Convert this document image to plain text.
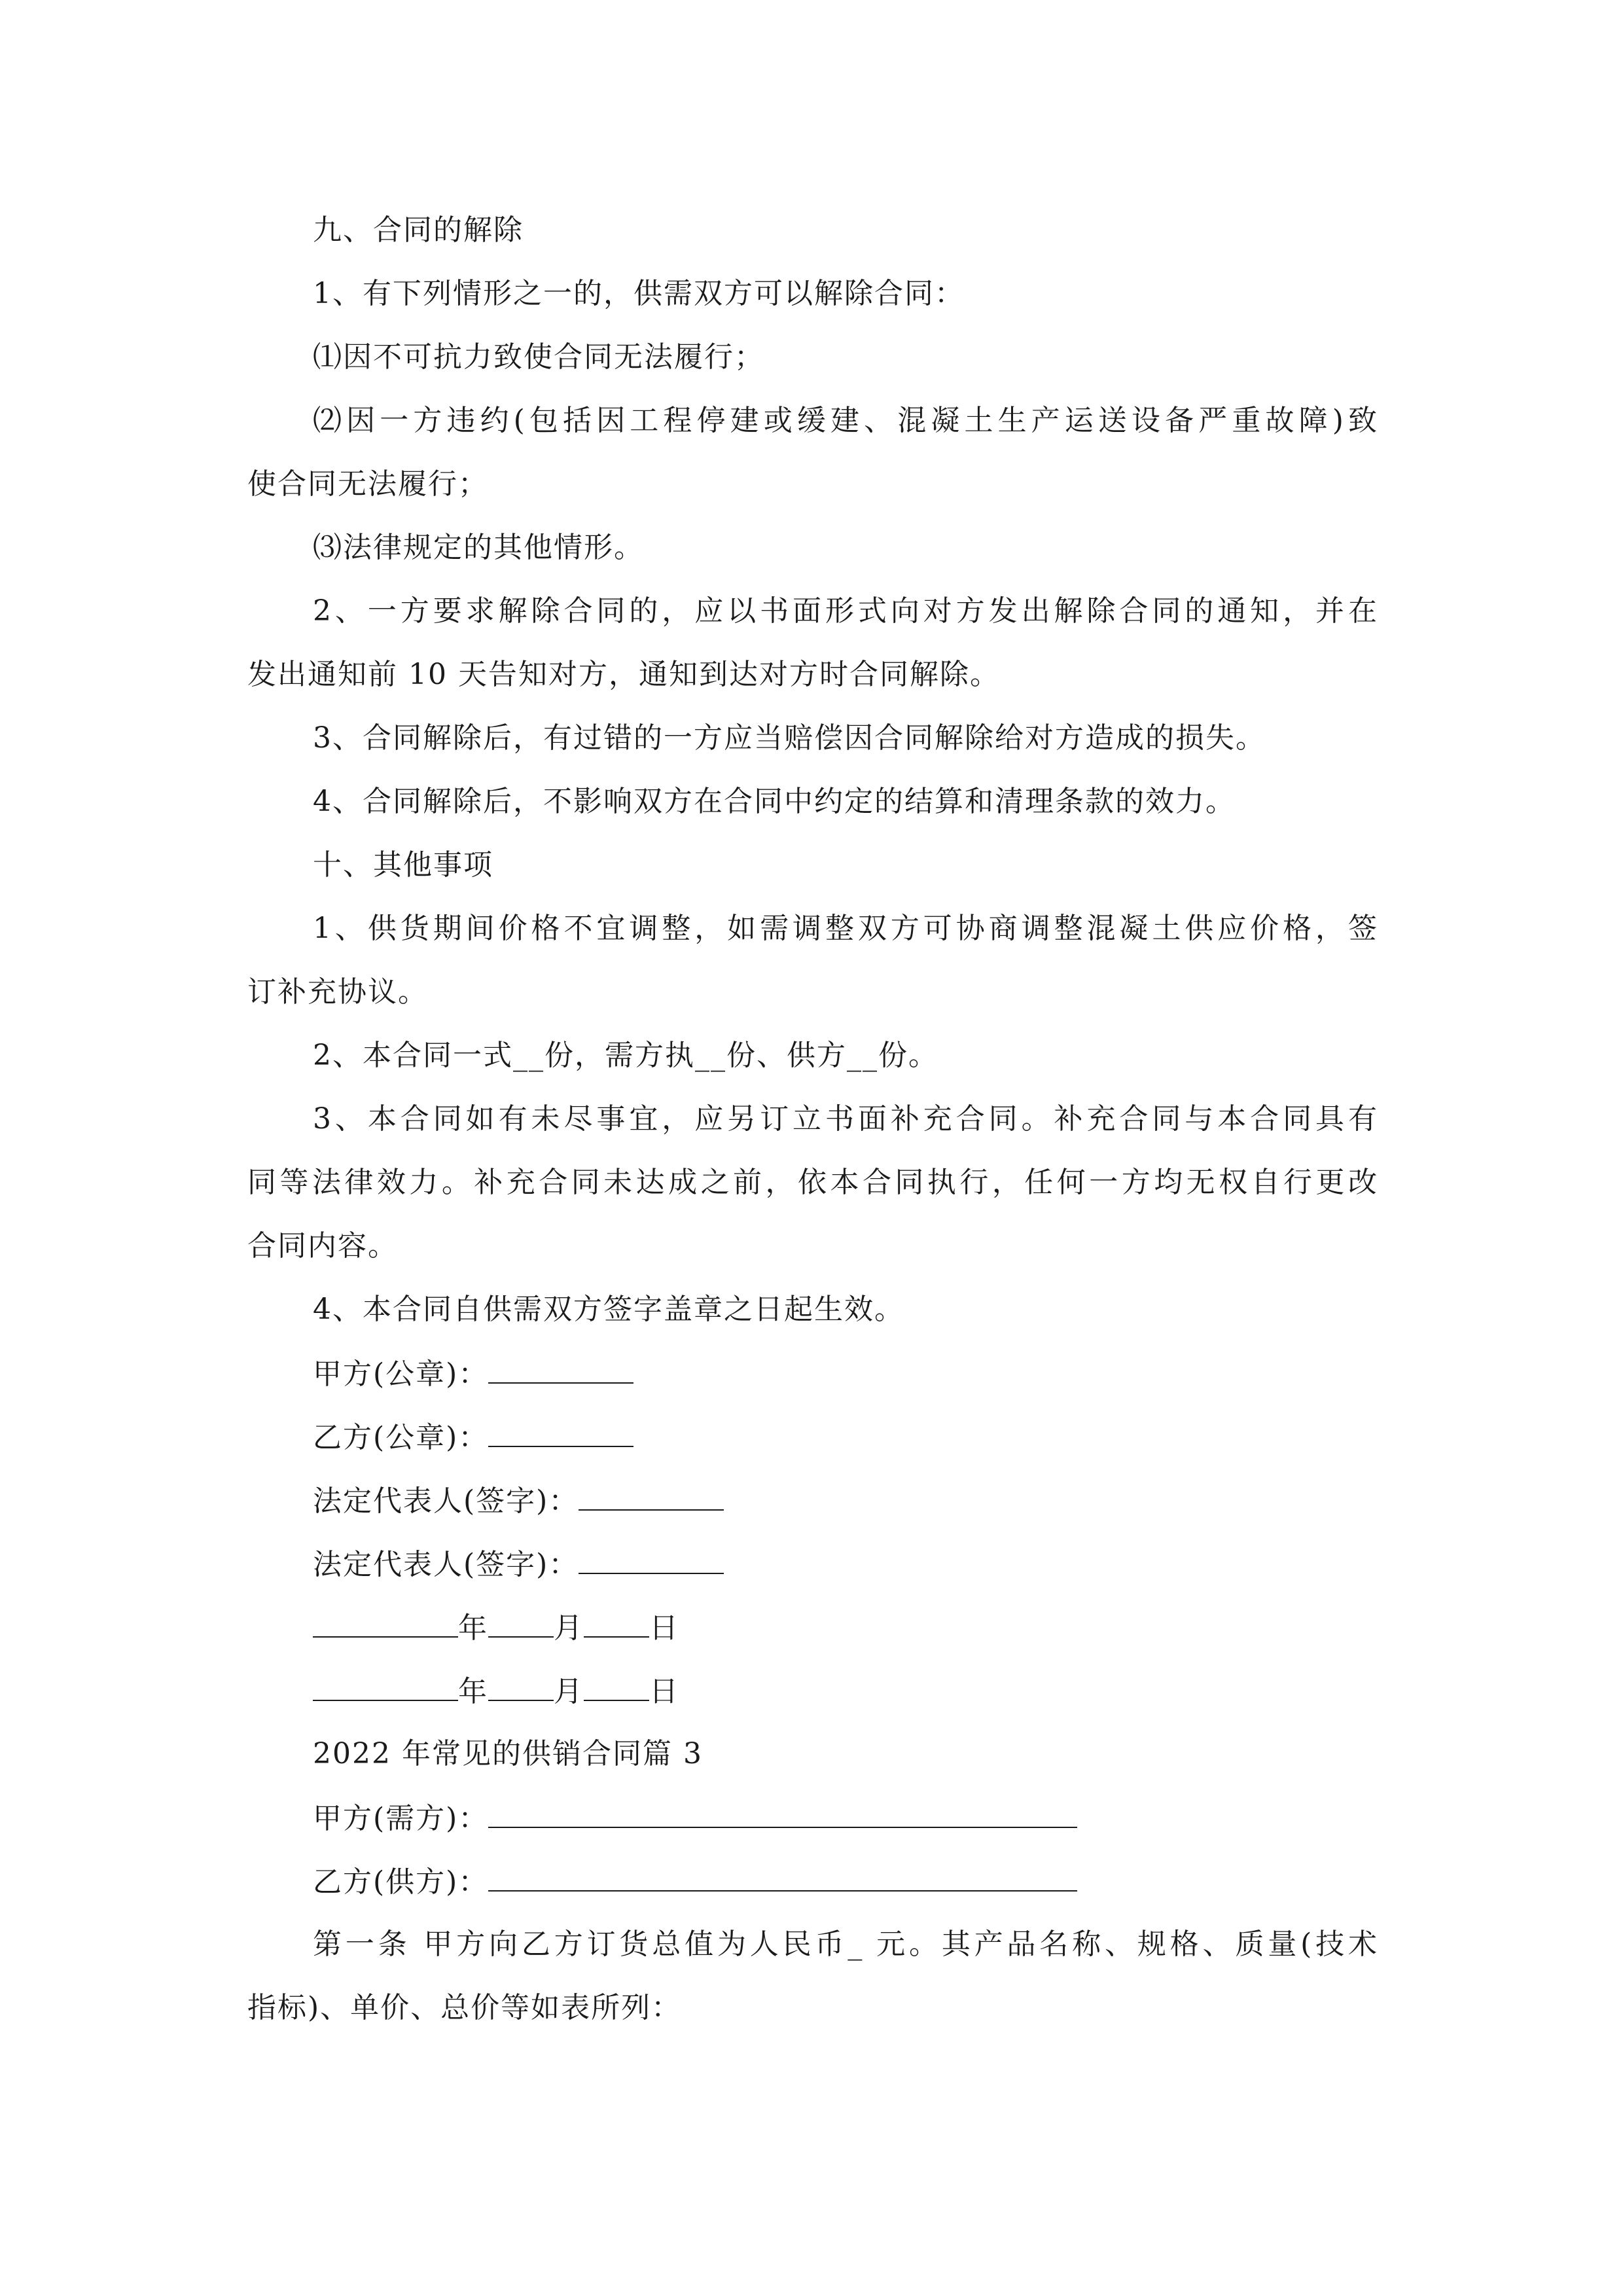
九、合同的解除
1、有下列情形之一的，供需双方可以解除合同：
⑴因不可抗力致使合同无法履行；
⑵因一方违约(包括因工程停建或缓建、混凝土生产运送设备严重故障)致
使合同无法履行；
⑶法律规定的其他情形。
2、一方要求解除合同的，应以书面形式向对方发出解除合同的通知，并在
发出通知前 10 天告知对方，通知到达对方时合同解除。
3、合同解除后，有过错的一方应当赔偿因合同解除给对方造成的损失。
4、合同解除后，不影响双方在合同中约定的结算和清理条款的效力。
十、其他事项
1、供货期间价格不宜调整，如需调整双方可协商调整混凝土供应价格，签
订补充协议。
2、本合同一式__份，需方执__份、供方__份。
3、本合同如有未尽事宜，应另订立书面补充合同。补充合同与本合同具有
同等法律效力。补充合同未达成之前，依本合同执行，任何一方均无权自行更改
合同内容。
4、本合同自供需双方签字盖章之日起生效。
甲方(公章)：
乙方(公章)：
法定代表人(签字)：
法定代表人(签字)：
年 月 日
年 月 日
2022 年常见的供销合同篇 3
甲方(需方)：
乙方(供方)：
第一条 甲方向乙方订货总值为人民币_ 元。其产品名称、规格、质量(技术
指标)、单价、总价等如表所列：
